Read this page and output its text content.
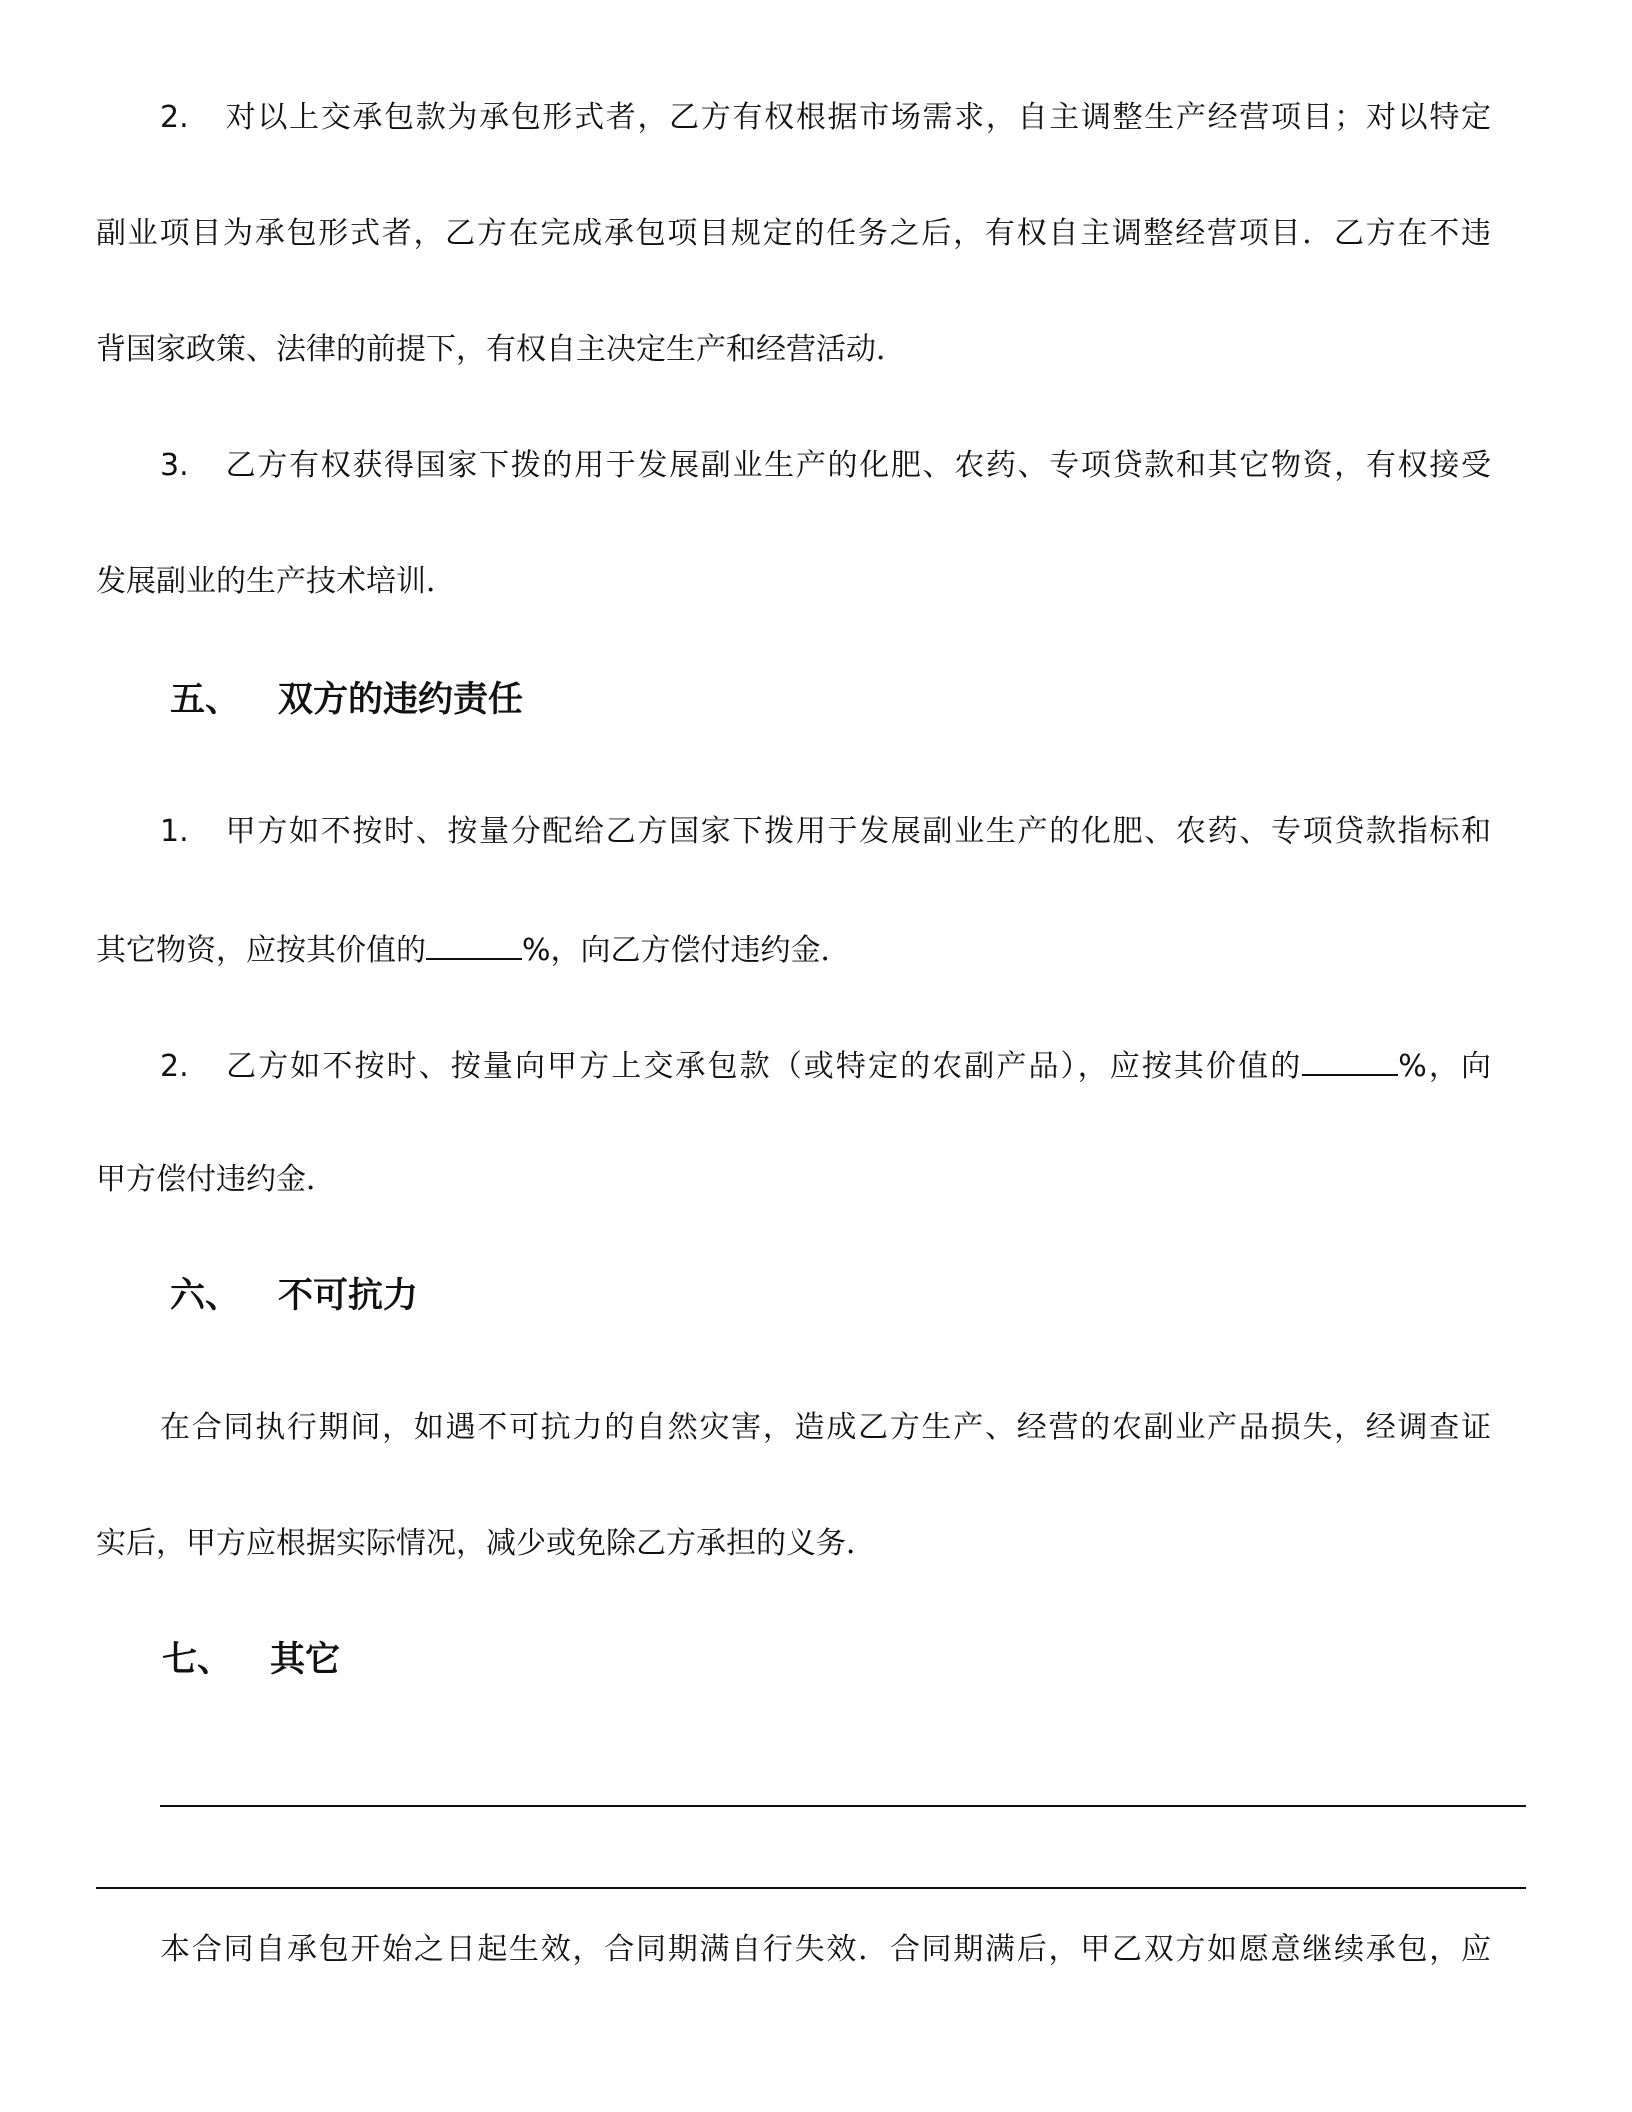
2. 对以上交承包款为承包形式者，乙方有权根据市场需求，自主调整生产经营项目；对以特定
副业项目为承包形式者，乙方在完成承包项目规定的任务之后，有权自主调整经营项目．乙方在不违
背国家政策、法律的前提下，有权自主决定生产和经营活动．
3. 乙方有权获得国家下拨的用于发展副业生产的化肥、农药、专项贷款和其它物资，有权接受
发展副业的生产技术培训．
五、 双方的违约责任
1. 甲方如不按时、按量分配给乙方国家下拨用于发展副业生产的化肥、农药、专项贷款指标和
其它物资，应按其价值的	%，向乙方偿付违约金．
2. 乙方如不按时、按量向甲方上交承包款（或特定的农副产品），应按其价值的	%，向
甲方偿付违约金．
六、 不可抗力
在合同执行期间，如遇不可抗力的自然灾害，造成乙方生产、经营的农副业产品损失，经调查证
实后，甲方应根据实际情况，减少或免除乙方承担的义务．
七、 其它
本合同自承包开始之日起生效，合同期满自行失效．合同期满后，甲乙双方如愿意继续承包，应
